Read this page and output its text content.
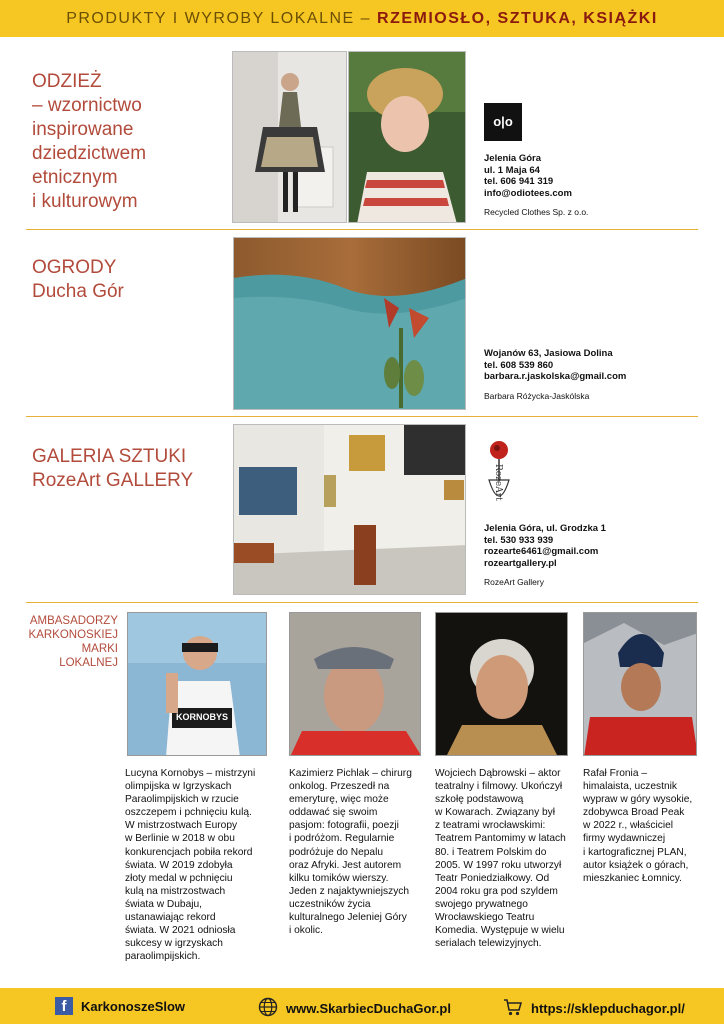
PRODUKTY I WYROBY LOKALNE – RZEMIOSŁO, SZTUKA, KSIĄŻKI
ODZIEŻ
– wzornictwo
inspirowane
dziedzictwem
etnicznym
i kulturowym
o|o
Jelenia Góra
ul. 1 Maja 64
tel. 606 941 319
info@odiotees.com
Recycled Clothes Sp. z o.o.
OGRODY
Ducha Gór
Wojanów 63, Jasiowa Dolina
tel. 608 539 860
barbara.r.jaskolska@gmail.com
Barbara Różycka-Jaskólska
GALERIA SZTUKI
RozeArt GALLERY	RozeArt
Jelenia Góra, ul. Grodzka 1
tel. 530 933 939
rozearte6461@gmail.com
rozeartgallery.pl
RozeArt Gallery
AMBASADORZY
KARKONOSKIEJ
MARKI
LOKALNEJ
KORNOBYS
Lucyna Kornobys – mistrzyni
olimpijska w Igrzyskach
Paraolimpijskich w rzucie
oszczepem i pchnięciu kulą.
W mistrzostwach Europy
w Berlinie w 2018 w obu
konkurencjach pobiła rekord
świata. W 2019 zdobyła
złoty medal w pchnięciu
kulą na mistrzostwach
świata w Dubaju,
ustanawiając rekord
świata. W 2021 odniosła
sukcesy w igrzyskach
paraolimpijskich.
Kazimierz Pichlak – chirurg
onkolog. Przeszedł na
emeryturę, więc może
oddawać się swoim
pasjom: fotografii, poezji
i podróżom. Regularnie
podróżuje do Nepalu
oraz Afryki. Jest autorem
kilku tomików wierszy.
Jeden z najaktywniejszych
uczestników życia
kulturalnego Jeleniej Góry
i okolic.
Wojciech Dąbrowski – aktor
teatralny i filmowy. Ukończył
szkołę podstawową
w Kowarach. Związany był
z teatrami wrocławskimi:
Teatrem Pantomimy w latach
80. i Teatrem Polskim do
2005. W 1997 roku utworzył
Teatr Poniedziałkowy. Od
2004 roku gra pod szyldem
swojego prywatnego
Wrocławskiego Teatru
Komedia. Występuje w wielu
serialach telewizyjnych.
Rafał Fronia –
himalaista, uczestnik
wypraw w góry wysokie,
zdobywca Broad Peak
w 2022 r., właściciel
firmy wydawniczej
i kartograficznej PLAN,
autor książek o górach,
mieszkaniec Łomnicy.
f	KarkonoszeSlow	www.SkarbiecDuchaGor.pl	https://sklepduchagor.pl/
